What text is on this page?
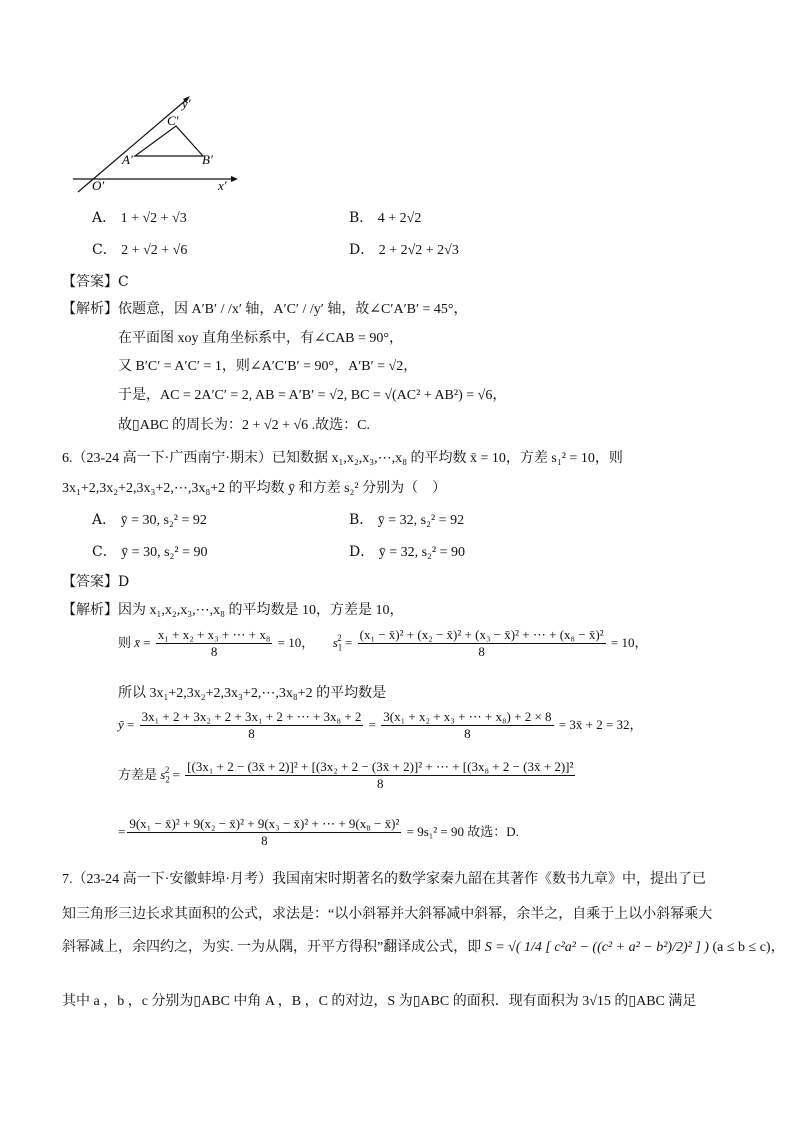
y′
C′
A′	B′
O′	x′
A． 1 + √2 + √3	B． 4 + 2√2
C． 2 + √2 + √6	D． 2 + 2√2 + 2√3
【答案】C
【解析】依题意，因 A′B′ / /x′ 轴，A′C′ / /y′ 轴，故∠C′A′B′ = 45°，
在平面图 xoy 直角坐标系中，有∠CAB = 90°，
又 B′C′ = A′C′ = 1，则∠A′C′B′ = 90°，A′B′ = √2，
于是，AC = 2A′C′ = 2, AB = A′B′ = √2, BC = √(AC² + AB²) = √6，
故▯ABC 的周长为：2 + √2 + √6 .故选：C.
6.（23-24 高一下·广西南宁·期末）已知数据 x₁,x₂,x₃,⋯,x₈ 的平均数 x̄ = 10，方差 s₁² = 10，则
3x₁+2,3x₂+2,3x₃+2,⋯,3x₈+2 的平均数 ȳ 和方差 s₂² 分别为（　）
A． ȳ = 30, s₂² = 92	B． ȳ = 32, s₂² = 92
C． ȳ = 30, s₂² = 90	D． ȳ = 32, s₂² = 90
【答案】D
【解析】因为 x₁,x₂,x₃,⋯,x₈ 的平均数是 10，方差是 10，
则 x̄ = $\frac{\text{x₁ + x₂ + x₃ + ⋯ + x₈}}{8} = 10$， $s_1^2 = \frac{\text{(x₁ − x̄)² + (x₂ − x̄)² + (x₃ − x̄)² + ⋯ + (x₈ − x̄)²}}{8} = 10$，
所以 3x₁+2,3x₂+2,3x₃+2,⋯,3x₈+2 的平均数是
ȳ = $\frac{\text{3x₁ + 2 + 3x₂ + 2 + 3x₁ + 2 + ⋯ + 3x₈ + 2}}{8} = \frac{\text{3(x₁ + x₂ + x₃ + ⋯ + x₈) + 2 × 8}}{8}$ = 3x̄ + 2 = 32，
方差是 $s_2^2$ =
[(3x₁ + 2 − (3x̄ + 2)]² + [(3x₂ + 2 − (3x̄ + 2)]² + ⋯ + [(3x₈ + 2 − (3x̄ + 2)]²
8
= $\frac{\text{9(x₁ − x̄)² + 9(x₂ − x̄)² + 9(x₃ − x̄)² + ⋯ + 9(x₈ − x̄)²}}{8} = 9s_1^2 = 90$ 故选：D.
7.（23-24 高一下·安徽蚌埠·月考）我国南宋时期著名的数学家秦九韶在其著作《数书九章》中，提出了已
知三角形三边长求其面积的公式，求法是：“以小斜幂并大斜幂减中斜幂，余半之，自乘于上以小斜幂乘大
斜幂减上，余四约之，为实. 一为从隅，开平方得积”翻译成公式，即 S = √( 1/4 [ c²a² − ((c² + a² − b²)/2)² ] ) (a ≤ b ≤ c)，
其中 a ，b ，c 分别为▯ABC 中角 A ，B ，C 的对边，S 为▯ABC 的面积．现有面积为 3√15 的▯ABC 满足
